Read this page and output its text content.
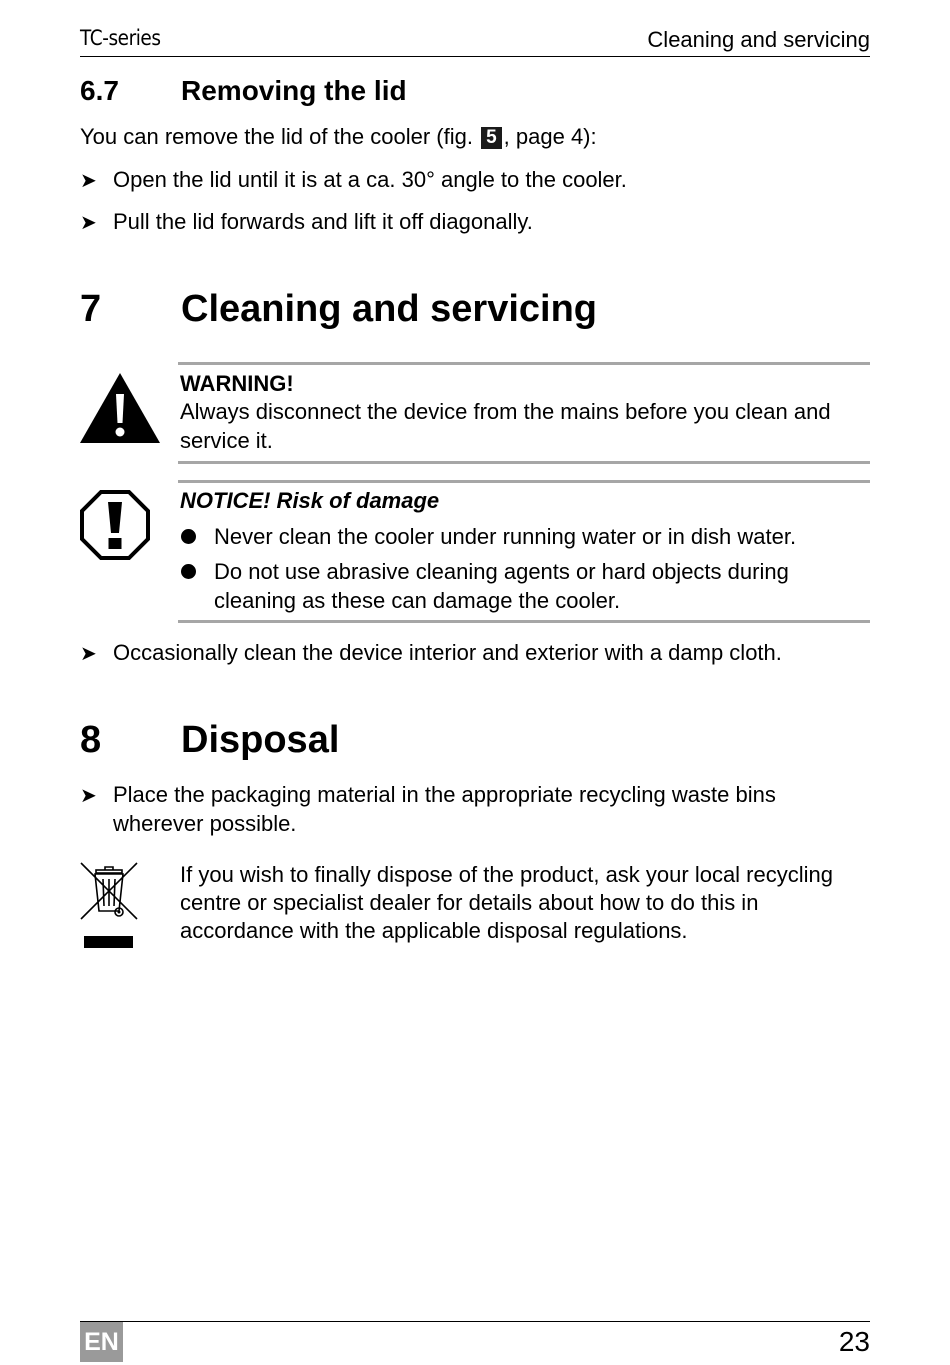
TC-series	Cleaning and servicing
6.7 Removing the lid
You can remove the lid of the cooler (fig. 5 , page 4):
➤ Open the lid until it is at a ca. 30° angle to the cooler.
➤ Pull the lid forwards and lift it off diagonally.
7 Cleaning and servicing
WARNING!
Always disconnect the device from the mains before you clean and
service it.
NOTICE! Risk of damage
Never clean the cooler under running water or in dish water.
Do not use abrasive cleaning agents or hard objects during
cleaning as these can damage the cooler.
➤ Occasionally clean the device interior and exterior with a damp cloth.
8 Disposal
➤ Place the packaging material in the appropriate recycling waste bins
wherever possible.
If you wish to finally dispose of the product, ask your local recycling
centre or specialist dealer for details about how to do this in
accordance with the applicable disposal regulations.
EN	23
